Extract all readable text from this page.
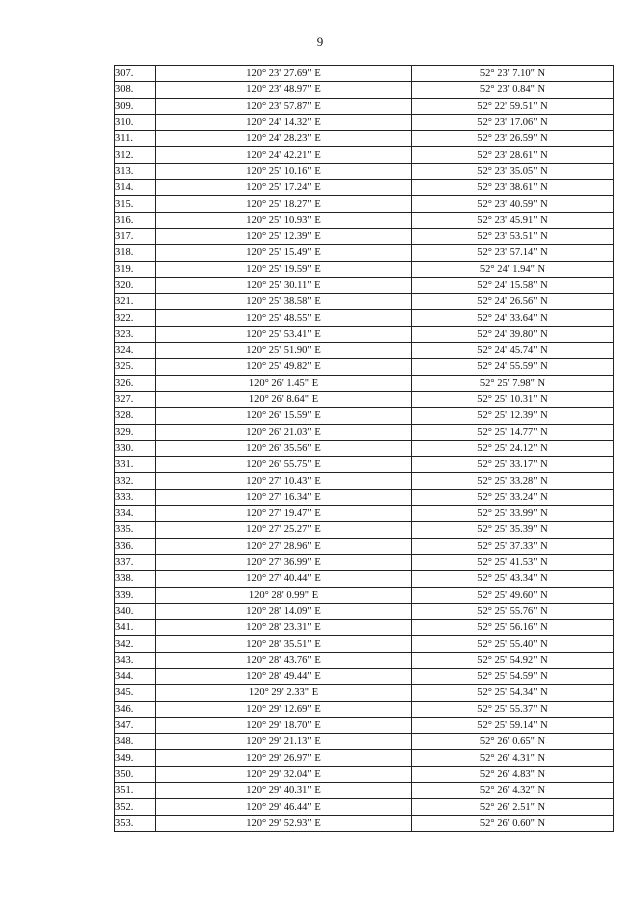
9
307.	120° 23' 27.69" E	52° 23' 7.10" N
308.	120° 23' 48.97" E	52° 23' 0.84" N
309.	120° 23' 57.87" E	52° 22' 59.51" N
310.	120° 24' 14.32" E	52° 23' 17.06" N
311.	120° 24' 28.23" E	52° 23' 26.59" N
312.	120° 24' 42.21" E	52° 23' 28.61" N
313.	120° 25' 10.16" E	52° 23' 35.05" N
314.	120° 25' 17.24" E	52° 23' 38.61" N
315.	120° 25' 18.27" E	52° 23' 40.59" N
316.	120° 25' 10.93" E	52° 23' 45.91" N
317.	120° 25' 12.39" E	52° 23' 53.51" N
318.	120° 25' 15.49" E	52° 23' 57.14" N
319.	120° 25' 19.59" E	52° 24' 1.94" N
320.	120° 25' 30.11" E	52° 24' 15.58" N
321.	120° 25' 38.58" E	52° 24' 26.56" N
322.	120° 25' 48.55" E	52° 24' 33.64" N
323.	120° 25' 53.41" E	52° 24' 39.80" N
324.	120° 25' 51.90" E	52° 24' 45.74" N
325.	120° 25' 49.82" E	52° 24' 55.59" N
326.	120° 26' 1.45" E	52° 25' 7.98" N
327.	120° 26' 8.64" E	52° 25' 10.31" N
328.	120° 26' 15.59" E	52° 25' 12.39" N
329.	120° 26' 21.03" E	52° 25' 14.77" N
330.	120° 26' 35.56" E	52° 25' 24.12" N
331.	120° 26' 55.75" E	52° 25' 33.17" N
332.	120° 27' 10.43" E	52° 25' 33.28" N
333.	120° 27' 16.34" E	52° 25' 33.24" N
334.	120° 27' 19.47" E	52° 25' 33.99" N
335.	120° 27' 25.27" E	52° 25' 35.39" N
336.	120° 27' 28.96" E	52° 25' 37.33" N
337.	120° 27' 36.99" E	52° 25' 41.53" N
338.	120° 27' 40.44" E	52° 25' 43.34" N
339.	120° 28' 0.99" E	52° 25' 49.60" N
340.	120° 28' 14.09" E	52° 25' 55.76" N
341.	120° 28' 23.31" E	52° 25' 56.16" N
342.	120° 28' 35.51" E	52° 25' 55.40" N
343.	120° 28' 43.76" E	52° 25' 54.92" N
344.	120° 28' 49.44" E	52° 25' 54.59" N
345.	120° 29' 2.33" E	52° 25' 54.34" N
346.	120° 29' 12.69" E	52° 25' 55.37" N
347.	120° 29' 18.70" E	52° 25' 59.14" N
348.	120° 29' 21.13" E	52° 26' 0.65" N
349.	120° 29' 26.97" E	52° 26' 4.31" N
350.	120° 29' 32.04" E	52° 26' 4.83" N
351.	120° 29' 40.31" E	52° 26' 4.32" N
352.	120° 29' 46.44" E	52° 26' 2.51" N
353.	120° 29' 52.93" E	52° 26' 0.60" N
